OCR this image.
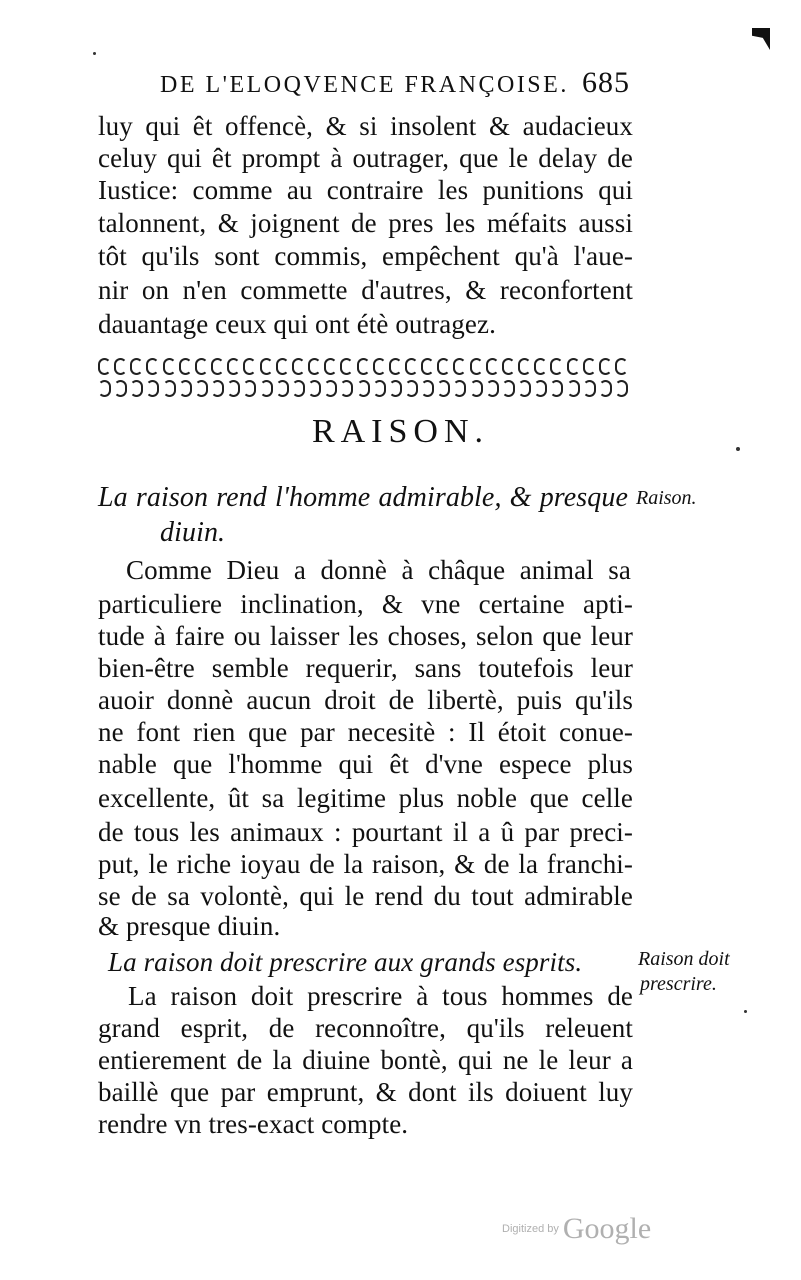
DE L'ELOQVENCE FRANÇOISE. 685
luy qui êt offencè, & si insolent & audacieux
celuy qui êt prompt à outrager, que le delay de
Iustice: comme au contraire les punitions qui
talonnent, & joignent de pres les méfaits aussi
tôt qu'ils sont commis, empêchent qu'à l'aue-
nir on n'en commette d'autres, & reconfortent
dauantage ceux qui ont étè outragez.
RAISON.
La raison rend l'homme admirable, & presque
diuin.
Raison.
Comme Dieu a donnè à châque animal sa
particuliere inclination, & vne certaine apti-
tude à faire ou laisser les choses, selon que leur
bien-être semble requerir, sans toutefois leur
auoir donnè aucun droit de libertè, puis qu'ils
ne font rien que par necesitè : Il étoit conue-
nable que l'homme qui êt d'vne espece plus
excellente, ût sa legitime plus noble que celle
de tous les animaux : pourtant il a û par preci-
put, le riche ioyau de la raison, & de la franchi-
se de sa volontè, qui le rend du tout admirable
& presque diuin.
La raison doit prescrire aux grands esprits.	Raison doit
prescrire.
La raison doit prescrire à tous hommes de
grand esprit, de reconnoître, qu'ils releuent
entierement de la diuine bontè, qui ne le leur a
baillè que par emprunt, & dont ils doiuent luy
rendre vn tres-exact compte.
Digitized by Google
